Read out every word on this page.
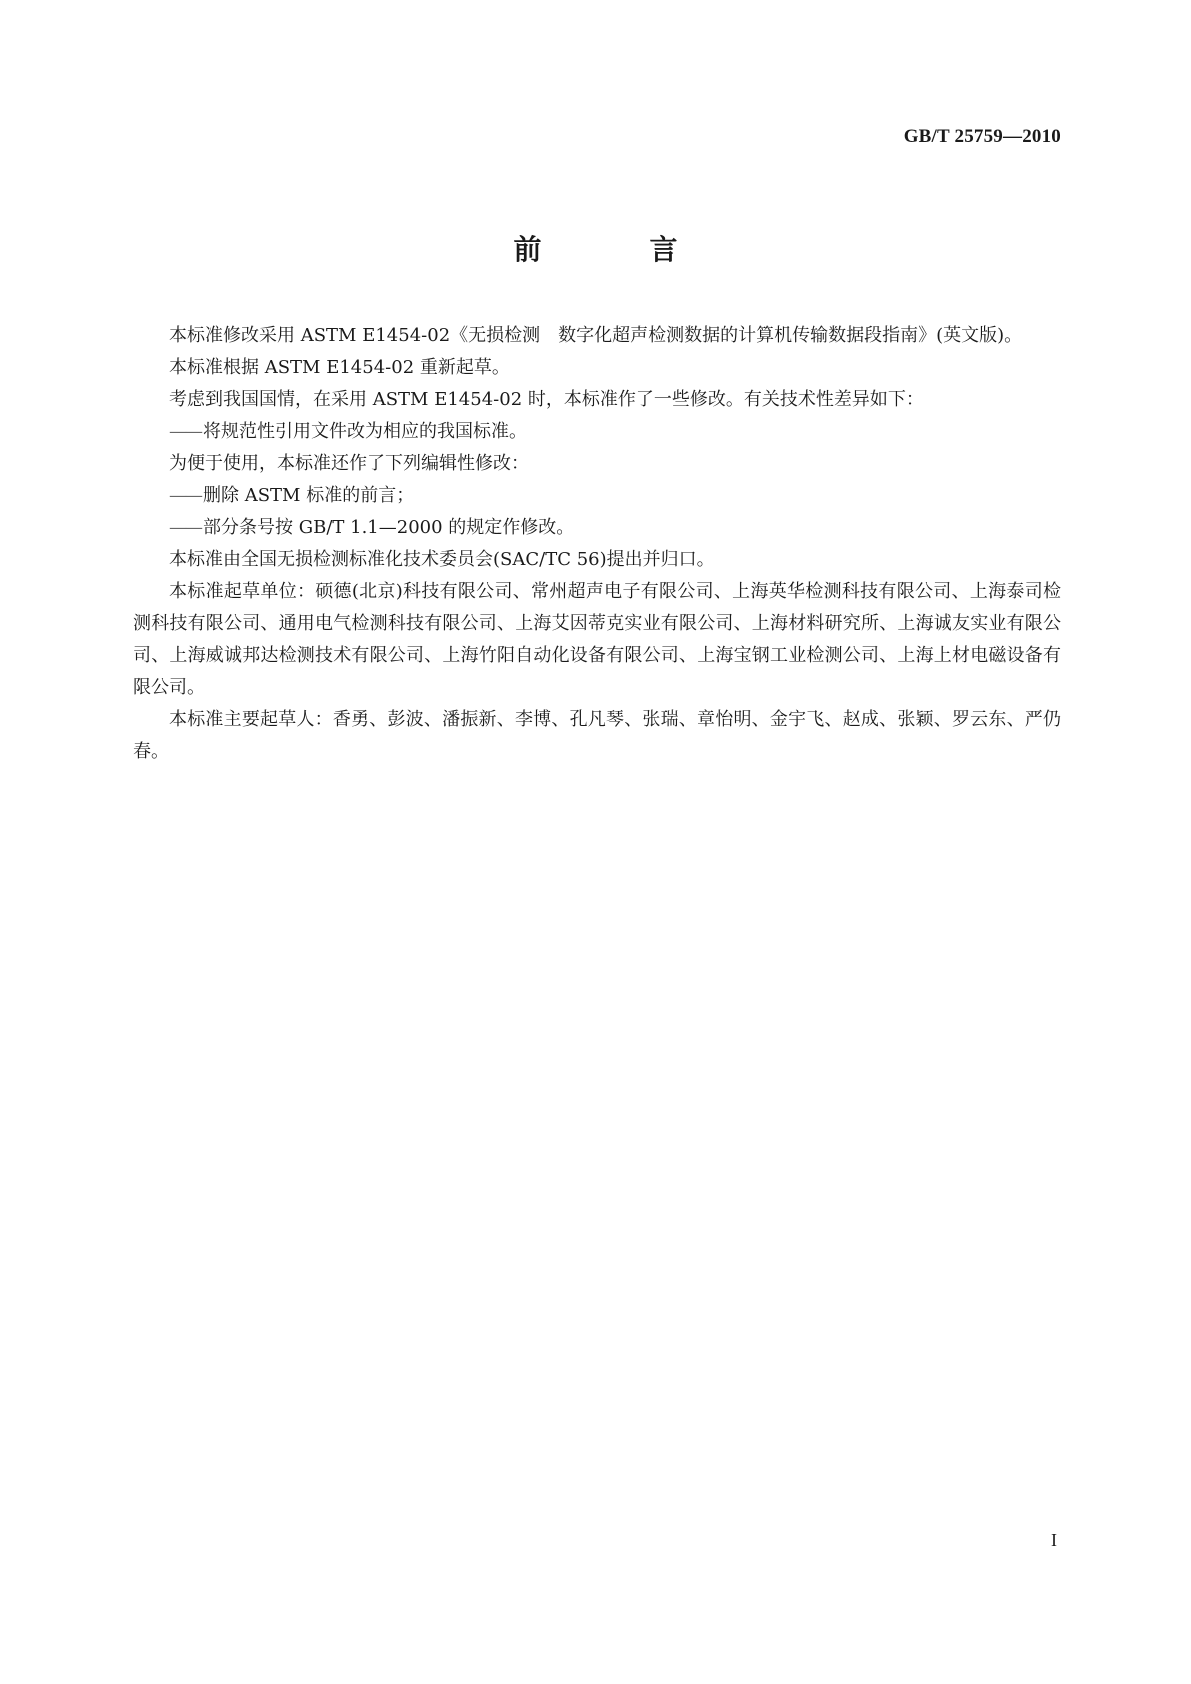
GB/T 25759—2010
前　言

本标准修改采用 ASTM E1454-02《无损检测　数字化超声检测数据的计算机传输数据段指南》(英文版)。

本标准根据 ASTM E1454-02 重新起草。

考虑到我国国情，在采用 ASTM E1454-02 时，本标准作了一些修改。有关技术性差异如下：

—— 将规范性引用文件改为相应的我国标准。

为便于使用，本标准还作了下列编辑性修改：

—— 删除 ASTM 标准的前言；

—— 部分条号按 GB/T 1.1—2000 的规定作修改。

本标准由全国无损检测标准化技术委员会(SAC/TC 56)提出并归口。

本标准起草单位：硕德(北京)科技有限公司、常州超声电子有限公司、上海英华检测科技有限公司、上海泰司检测科技有限公司、通用电气检测科技有限公司、上海艾因蒂克实业有限公司、上海材料研究所、上海诚友实业有限公司、上海威诚邦达检测技术有限公司、上海竹阳自动化设备有限公司、上海宝钢工业检测公司、上海上材电磁设备有限公司。

本标准主要起草人：香勇、彭波、潘振新、李博、孔凡琴、张瑞、章怡明、金宇飞、赵成、张颖、罗云东、严仍春。

I
